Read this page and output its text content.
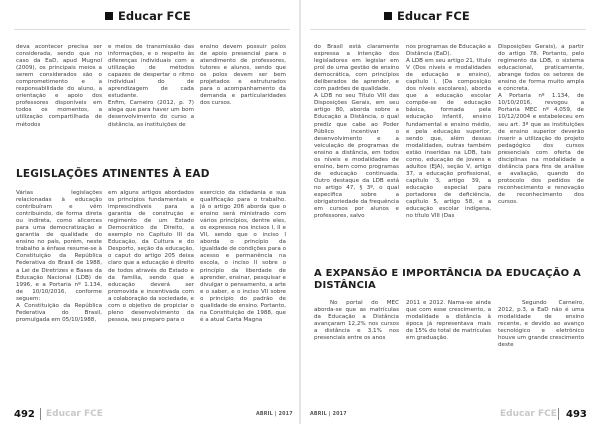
Educar FCE

deva acontecer precisa ser considerada, sendo que no caso da EaD, apud Mugnol (2009), os principais meios a serem considerados são o comprometimento e a responsabilidade do aluno, a orientação e apoio dos professores disponíveis em todos os momentos, a utilização compartilhada de métodos

e meios de transmissão das informações, e o respeito às diferenças individuais com a utilização de métodos capazes de despertar o ritmo individual do de aprendizagem de cada estudante.
Enfim, Carneiro (2012, p. 7) alega que para haver um bom desenvolvimento do curso a distância, as instituições de

ensino devem possuir polos de apoio presencial para o atendimento de professores, tutores e alunos, sendo que os polos devem ser bem projetados e estruturados para o acompanhamento da demanda e particularidades dos cursos.

LEGISLAÇÕES ATINENTES À EAD

Várias legislações relacionadas à educação contribuíram e vêm contribuindo, de forma direta ou indireta, como alicerces para uma democratização e garantia de qualidade do ensino no país, porém, neste trabalho a ênfase resume-se à Constituição da República Federativa do Brasil de 1988, a Lei de Diretrizes e Bases da Educação Nacional (LDB) de 1996, e a Portaria nº 1.134, de 10/10/2016, conforme seguem:
A Constituição da República Federativa do Brasil, promulgada em 05/10/1988,

em alguns artigos abordados os princípios fundamentais e imprescindíveis para a garantia de construção e regimento de um Estado Democrático de Direito, a exemplo no Capítulo III da Educação, da Cultura e do Desporto, seção da educação, o caput do artigo 205 deixa claro que a educação é direito de todos através do Estado e da família, sendo que a educação deverá ser promovida e incentivada com a colaboração da sociedade, e com o objetivo de propiciar o pleno desenvolvimento da pessoa, seu preparo para o

exercício da cidadania e sua qualificação para o trabalho. Já o artigo 206 aborda que o ensino será ministrado com vários princípios, dentre eles, os expressos nos incisos I, II e VII, sendo que o inciso I aborda o princípio da igualdade de condições para o acesso e permanência na escola, o inciso II sobre o princípio da liberdade de aprender, ensinar, pesquisar e divulgar o pensamento, a arte e o saber, e o inciso VII sobre o princípio do padrão de qualidade de ensino. Portanto, na Constituição de 1988, que é a atual Carta Magna

492 Educar FCE	ABRIL | 2017
Educar FCE

do Brasil está claramente expressa a intenção dos legisladores em legislar em prol de uma gestão de ensino democrática, com princípios deliberados de aprender, e com padrões de qualidade.
A LDB no seu Título VIII das Disposições Gerais, em seu artigo 80, aborda sobre a Educação a Distância, o qual prediz que cabe ao Poder Público incentivar o desenvolvimento e a veiculação de programas de ensino a distância, em todos os níveis e modalidades de ensino, bem como programas de educação continuada. Outro destaque da LDB está no artigo 47, § 3º, o qual especifica sobre a obrigatoriedade da frequência em cursos por alunos e professores, salvo

nos programas de Educação a Distância (EaD).
A LDB em seu artigo 21, título V (Dos níveis e modalidades de educação e ensino), capítulo I, (Da composição dos níveis escolares), aborda que a educação escolar compõe-se de educação básica, formada pela educação infantil, ensino fundamental e ensino médio, e pela educação superior, sendo que, além dessas modalidades, outras também estão inseridas na LDB, tais como, educação de jovens e adultos (EJA), seção V, artigo 37, a educação profissional, capítulo 3, artigo 39, a educação especial para portadores de deficiência, capítulo 5, artigo 58, e a educação escolar indígena, no título VIII (Das

Disposições Gerais), a partir do artigo 78. Portanto, pelo regimento da LDB, o sistema educacional, praticamente, abrange todos os setores de ensino de forma muito ampla e concreta.
A Portaria nº 1.134, de 10/10/2016, revogou a Portaria MEC nº 4.059, de 10/12/2004 e estabeleceu em seu art. 3º que as instituições de ensino superior deverão inserir a utilização do projeto pedagógico dos cursos presenciais com oferta de disciplinas na modalidade a distância para fins de análise e avaliação, quando do protocolo dos pedidos de reconhecimento e renovação de reconhecimento dos cursos.

A EXPANSÃO E IMPORTÂNCIA DA EDUCAÇÃO A DISTÂNCIA

No portal do MEC aborda-se que as matrículas da Educação a Distância avançaram 12,2% nos cursos a distância e 3,1% nos presenciais entre os anos

2011 e 2012. Nama-se ainda que com esse crescimento, a modalidade a distância à época já representava mais de 15% do total de matrículas em graduação.

Segundo Carneiro, 2012, p.3, a EaD não é uma modalidade de ensino recente, e devido ao avanço tecnológico e eletrônico houve um grande crescimento deste

ABRIL | 2017	Educar FCE 493
